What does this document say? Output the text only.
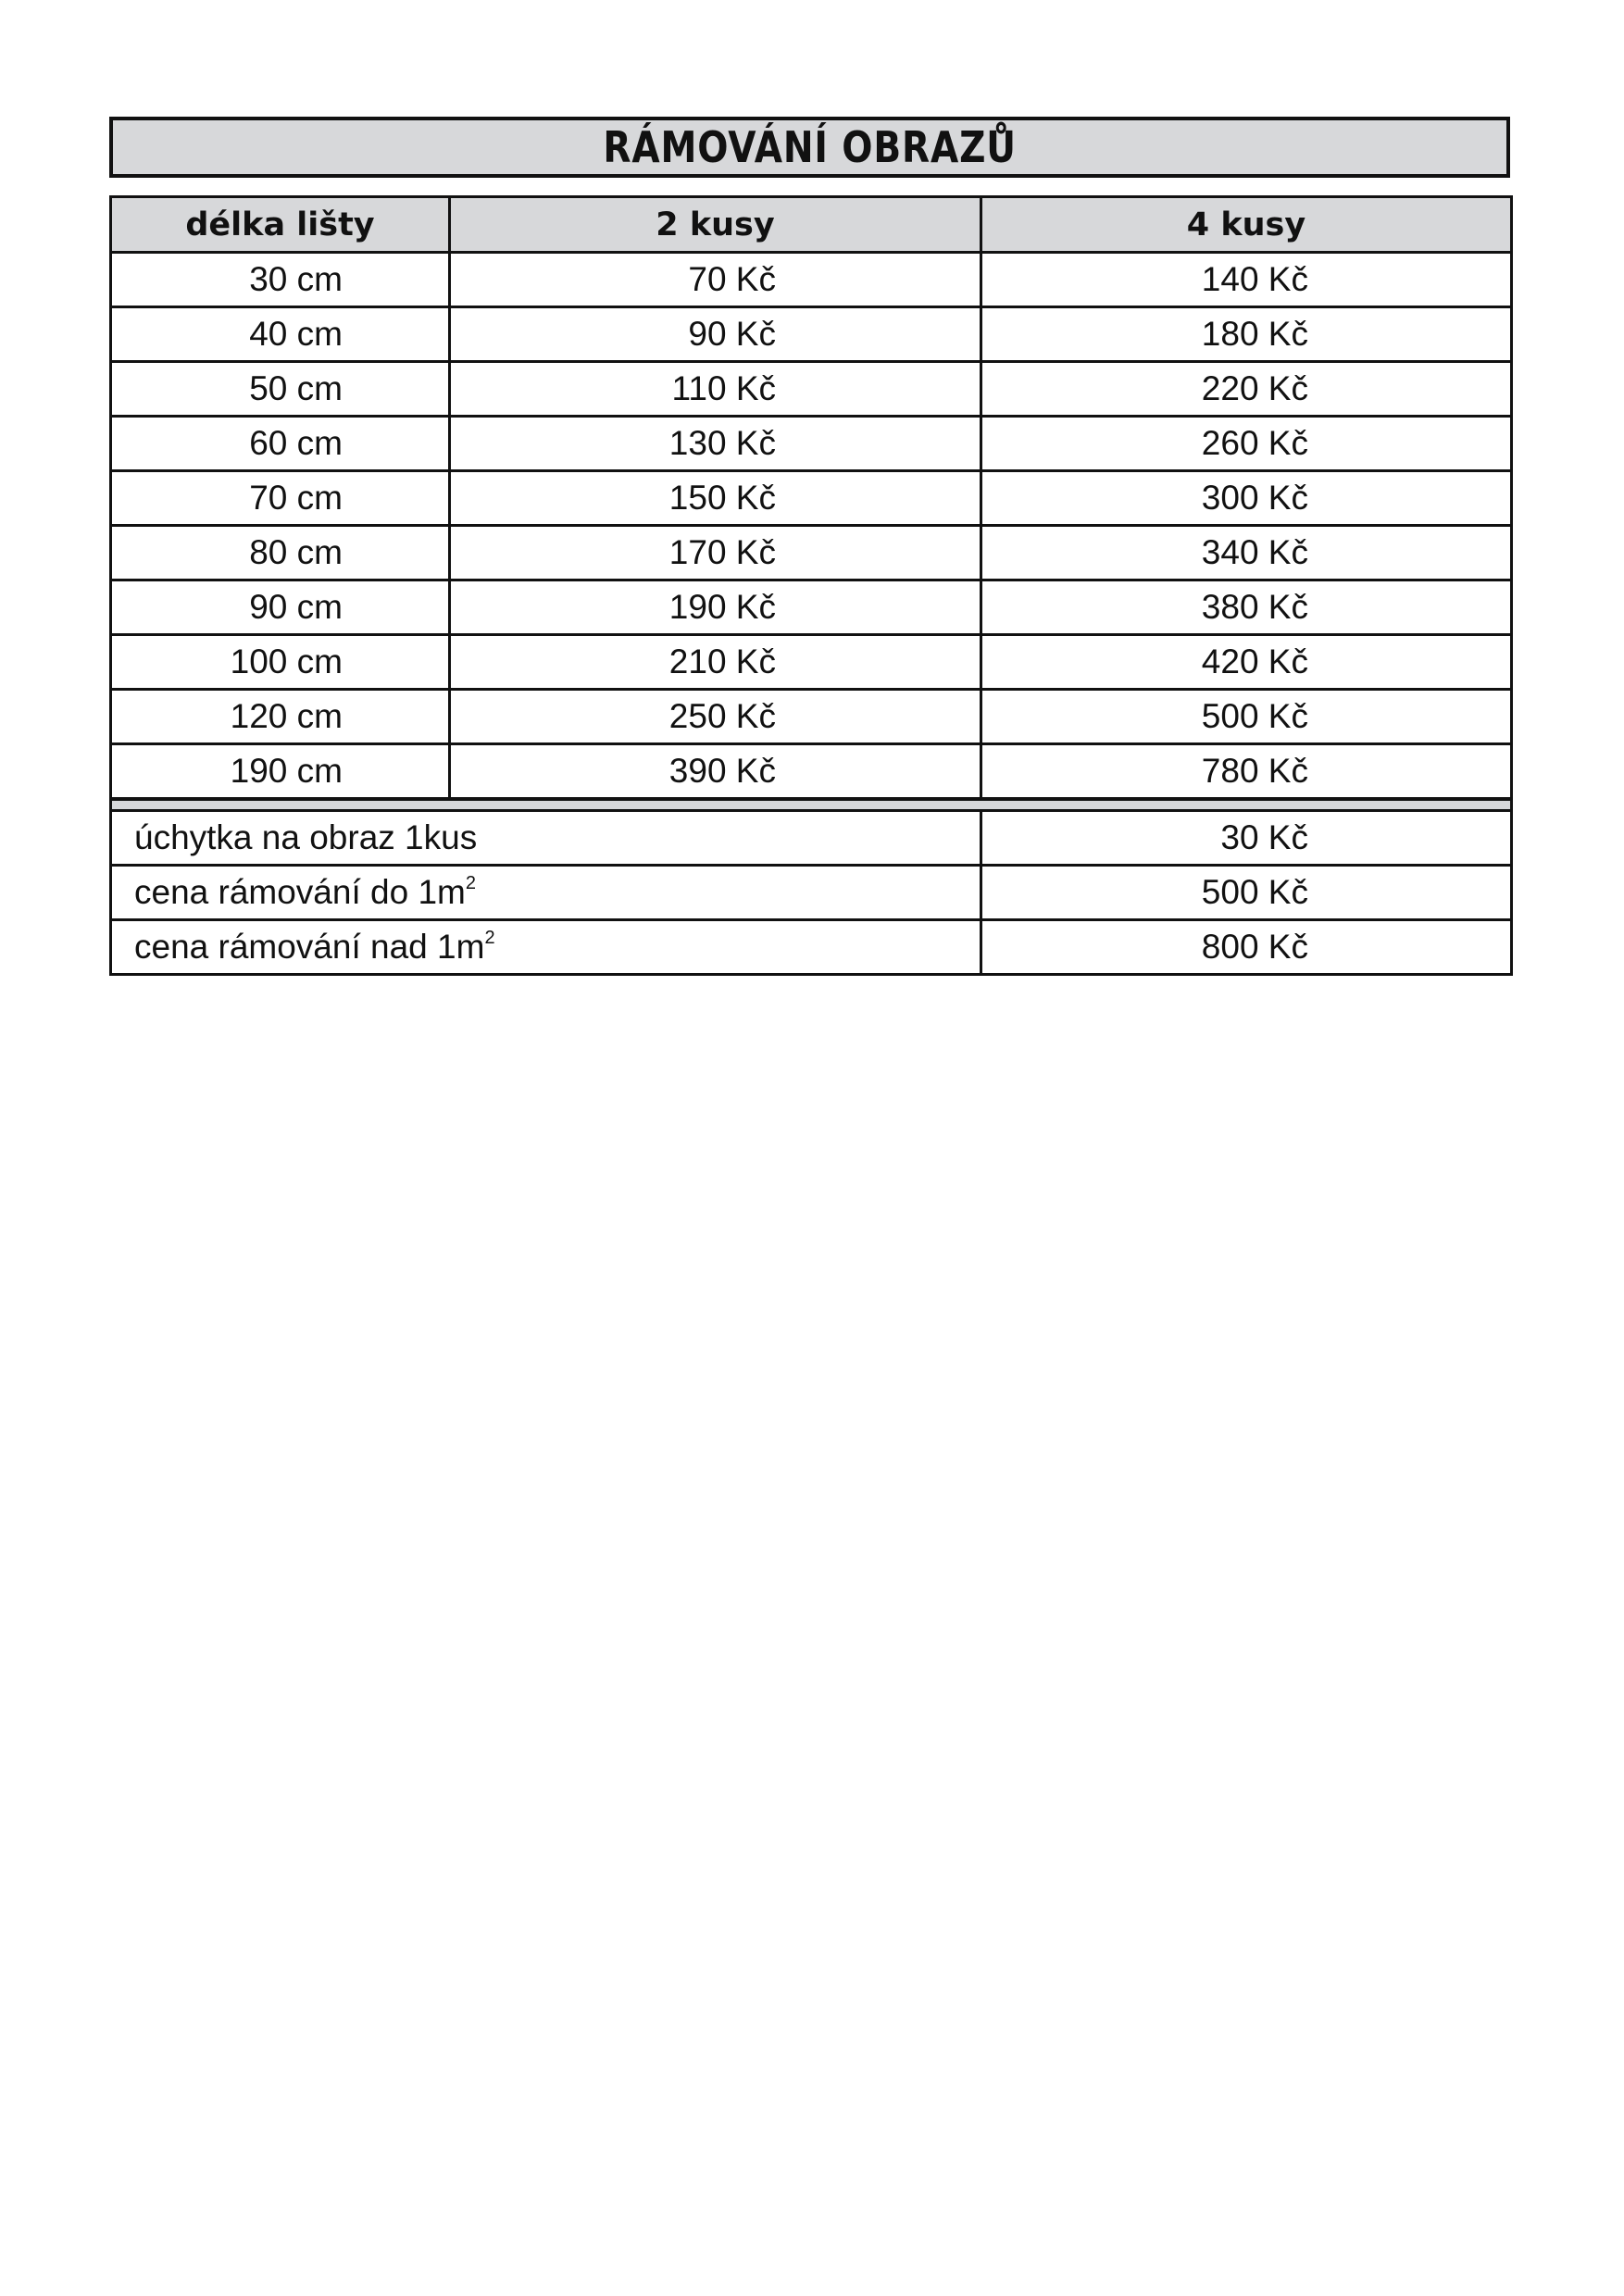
RÁMOVÁNÍ OBRAZŮ
délka lišty	2 kusy	4 kusy
30 cm	70 Kč	140 Kč
40 cm	90 Kč	180 Kč
50 cm	110 Kč	220 Kč
60 cm	130 Kč	260 Kč
70 cm	150 Kč	300 Kč
80 cm	170 Kč	340 Kč
90 cm	190 Kč	380 Kč
100 cm	210 Kč	420 Kč
120 cm	250 Kč	500 Kč
190 cm	390 Kč	780 Kč

úchytka na obraz 1kus		30 Kč
cena rámování do $1m^2$		500 Kč
cena rámování nad $1m^2$		800 Kč
